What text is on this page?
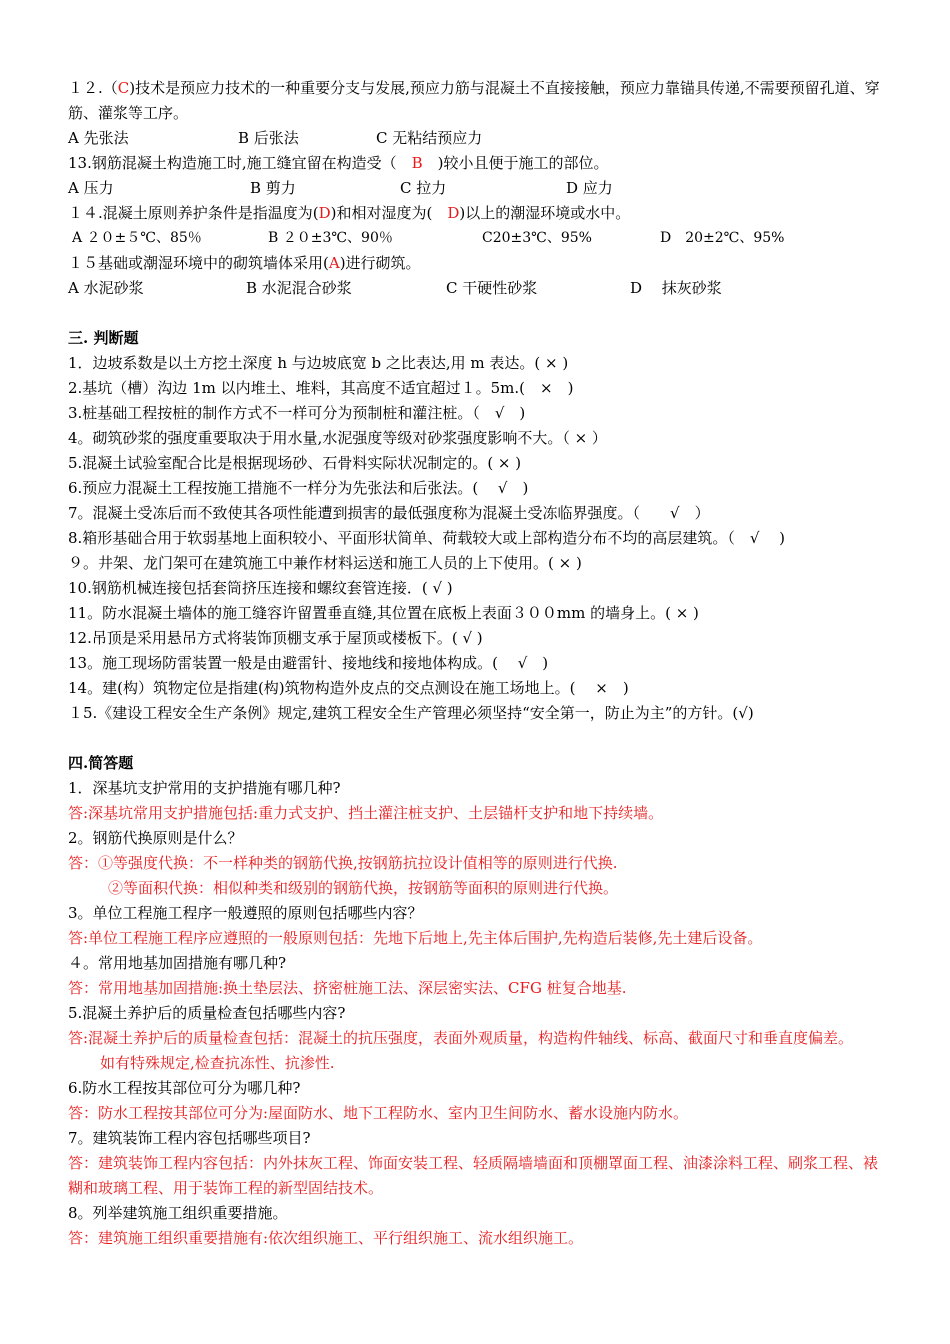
１２.（C)技术是预应力技术的一种重要分支与发展,预应力筋与混凝土不直接接触，预应力靠锚具传递,不需要预留孔道、穿筋、灌浆等工序。
A 先张法	B 后张法	C 无粘结预应力
13.钢筋混凝土构造施工时,施工缝宜留在构造受（　B　)较小且便于施工的部位。
A 压力	B 剪力	C 拉力	D 应力
１４.混凝土原则养护条件是指温度为(D)和相对湿度为(　D)以上的潮湿环境或水中。
A ２０±５℃、85％	B ２０±3℃、90％	C20±3℃、95%	D　20±2℃、95%
１５基础或潮湿环境中的砌筑墙体采用(A)进行砌筑。
A 水泥砂浆	B 水泥混合砂浆	C 干硬性砂浆	D　 抹灰砂浆
三. 判断题
1．边坡系数是以土方挖土深度 h 与边坡底宽 b 之比表达,用 m 表达。( × )
2.基坑（槽）沟边 1m 以内堆土、堆料，其高度不适宜超过１。5m.(　×　)
3.桩基础工程按桩的制作方式不一样可分为预制桩和灌注桩。（　√　)
4。砌筑砂浆的强度重要取决于用水量,水泥强度等级对砂浆强度影响不大。（ × ）
5.混凝土试验室配合比是根据现场砂、石骨料实际状况制定的。( × )
6.预应力混凝土工程按施工措施不一样分为先张法和后张法。(　 √　)
7。混凝土受冻后而不致使其各项性能遭到损害的最低强度称为混凝土受冻临界强度。（　　√　）
8.箱形基础合用于软弱基地上面积较小、平面形状简单、荷载较大或上部构造分布不均的高层建筑。（　√　 )
９。井架、龙门架可在建筑施工中兼作材料运送和施工人员的上下使用。( × )
10.钢筋机械连接包括套筒挤压连接和螺纹套管连接．( √ )
11。防水混凝土墙体的施工缝容许留置垂直缝,其位置在底板上表面３００mm 的墙身上。( × )
12.吊顶是采用悬吊方式将装饰顶棚支承于屋顶或楼板下。( √ )
13。施工现场防雷装置一般是由避雷针、接地线和接地体构成。(　 √　)
14。建(构）筑物定位是指建(构)筑物构造外皮点的交点测设在施工场地上。(　 ×　)
１5.《建设工程安全生产条例》规定,建筑工程安全生产管理必须坚持“安全第一，防止为主”的方针。(√)
四.简答题
1．深基坑支护常用的支护措施有哪几种?
答:深基坑常用支护措施包括:重力式支护、挡土灌注桩支护、土层锚杆支护和地下持续墙。
2。钢筋代换原则是什么？
答：①等强度代换：不一样种类的钢筋代换,按钢筋抗拉设计值相等的原则进行代换.
②等面积代换：相似种类和级别的钢筋代换，按钢筋等面积的原则进行代换。
3。单位工程施工程序一般遵照的原则包括哪些内容？
答:单位工程施工程序应遵照的一般原则包括：先地下后地上,先主体后围护,先构造后装修,先土建后设备。
４。常用地基加固措施有哪几种?
答：常用地基加固措施:换土垫层法、挤密桩施工法、深层密实法、CFG 桩复合地基.
5.混凝土养护后的质量检查包括哪些内容?
答:混凝土养护后的质量检查包括：混凝土的抗压强度，表面外观质量，构造构件轴线、标高、截面尺寸和垂直度偏差。
如有特殊规定,检查抗冻性、抗渗性.
6.防水工程按其部位可分为哪几种?
答：防水工程按其部位可分为:屋面防水、地下工程防水、室内卫生间防水、蓄水设施内防水。
7。建筑装饰工程内容包括哪些项目?
答：建筑装饰工程内容包括：内外抹灰工程、饰面安装工程、轻质隔墙墙面和顶棚罩面工程、油漆涂料工程、刷浆工程、裱糊和玻璃工程、用于装饰工程的新型固结技术。
8。列举建筑施工组织重要措施。
答：建筑施工组织重要措施有:依次组织施工、平行组织施工、流水组织施工。
